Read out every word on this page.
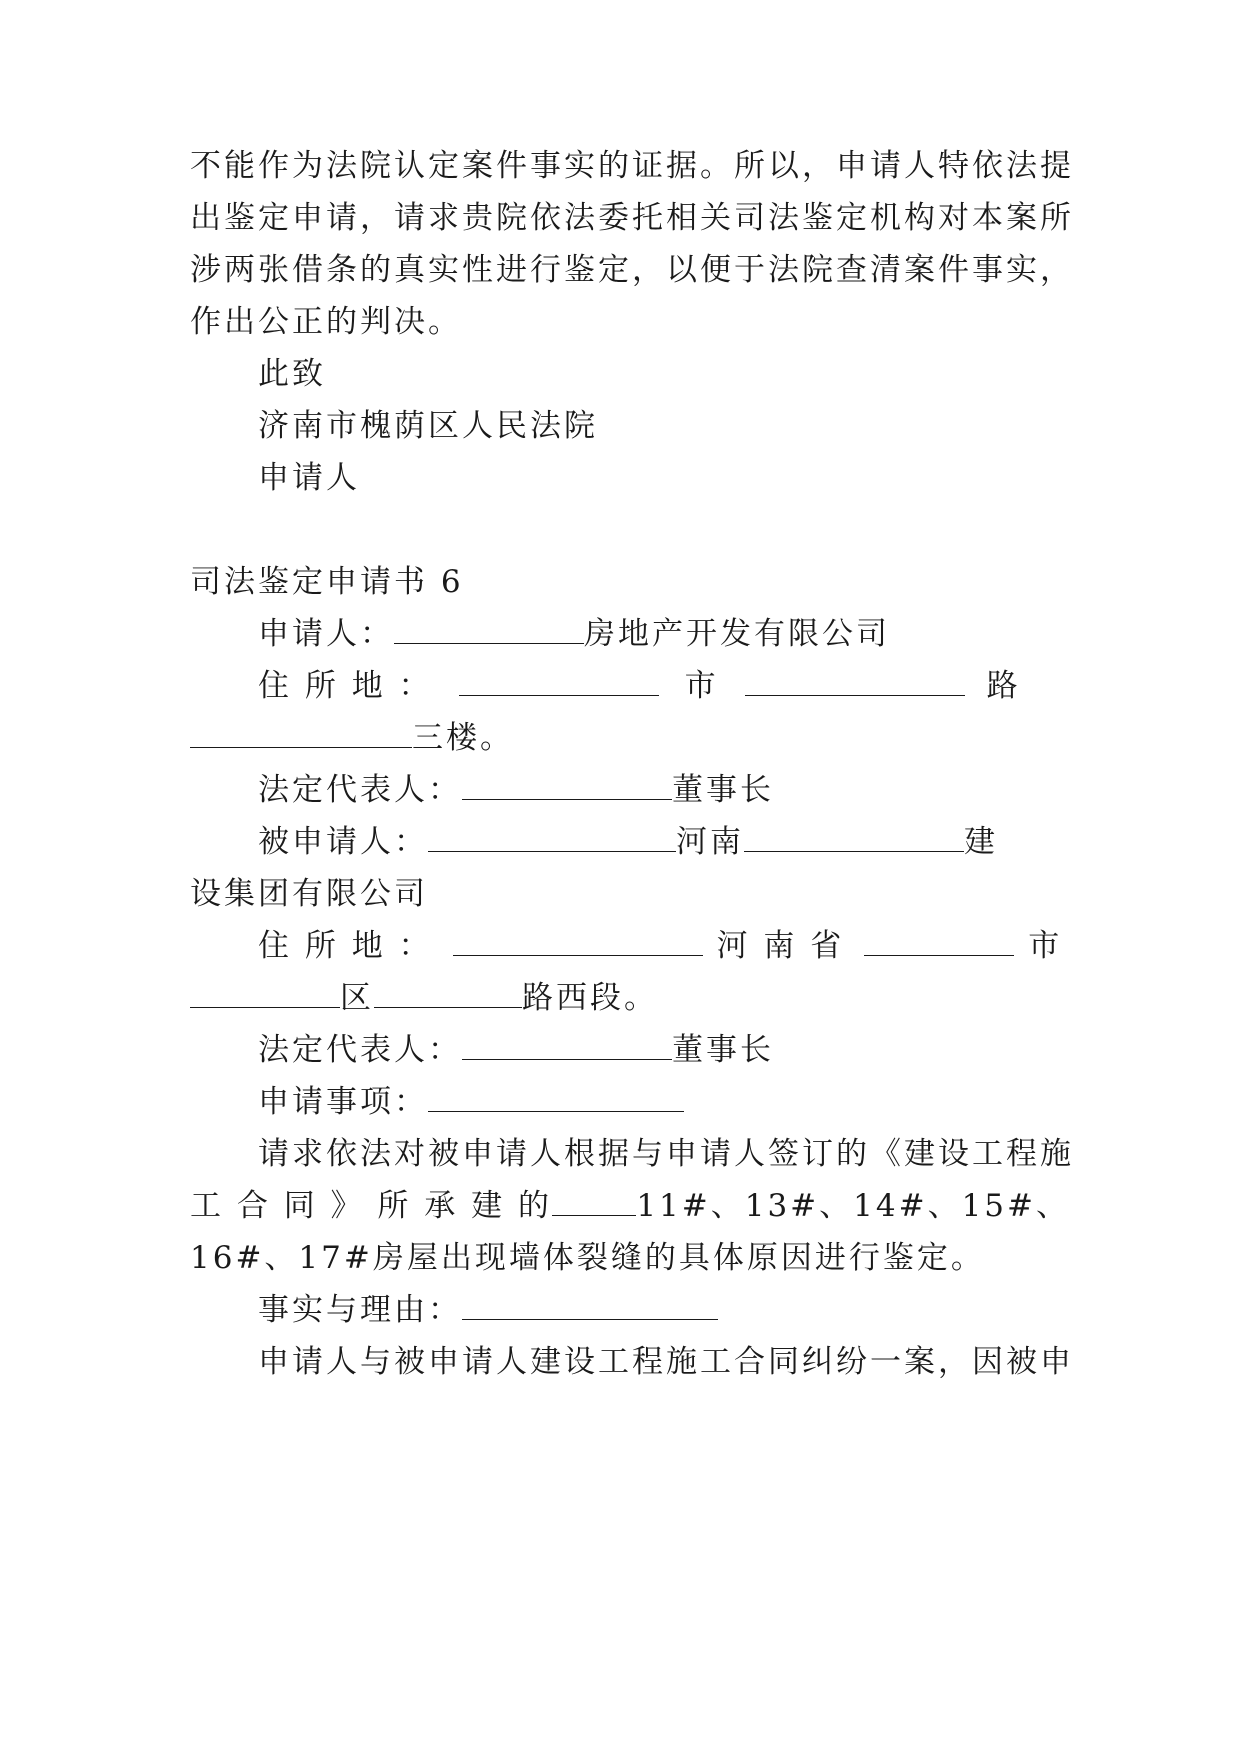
不能作为法院认定案件事实的证据。所以，申请人特依法提
出鉴定申请，请求贵院依法委托相关司法鉴定机构对本案所
涉两张借条的真实性进行鉴定，以便于法院查清案件事实，
作出公正的判决。
此致
济南市槐荫区人民法院
申请人
司法鉴定申请书 6
申请人：	房地产开发有限公司
住 所 地 ：	市	路
三楼。
法定代表人：	董事长
被申请人：	河南	建
设集团有限公司
住 所 地 ：	河 南 省	市
区	路西段。
法定代表人：	董事长
申请事项：
请求依法对被申请人根据与申请人签订的《建设工程施
工 合 同 》 所 承 建 的	11#、13#、14#、15#、
16#、17#房屋出现墙体裂缝的具体原因进行鉴定。
事实与理由：
申请人与被申请人建设工程施工合同纠纷一案，因被申
